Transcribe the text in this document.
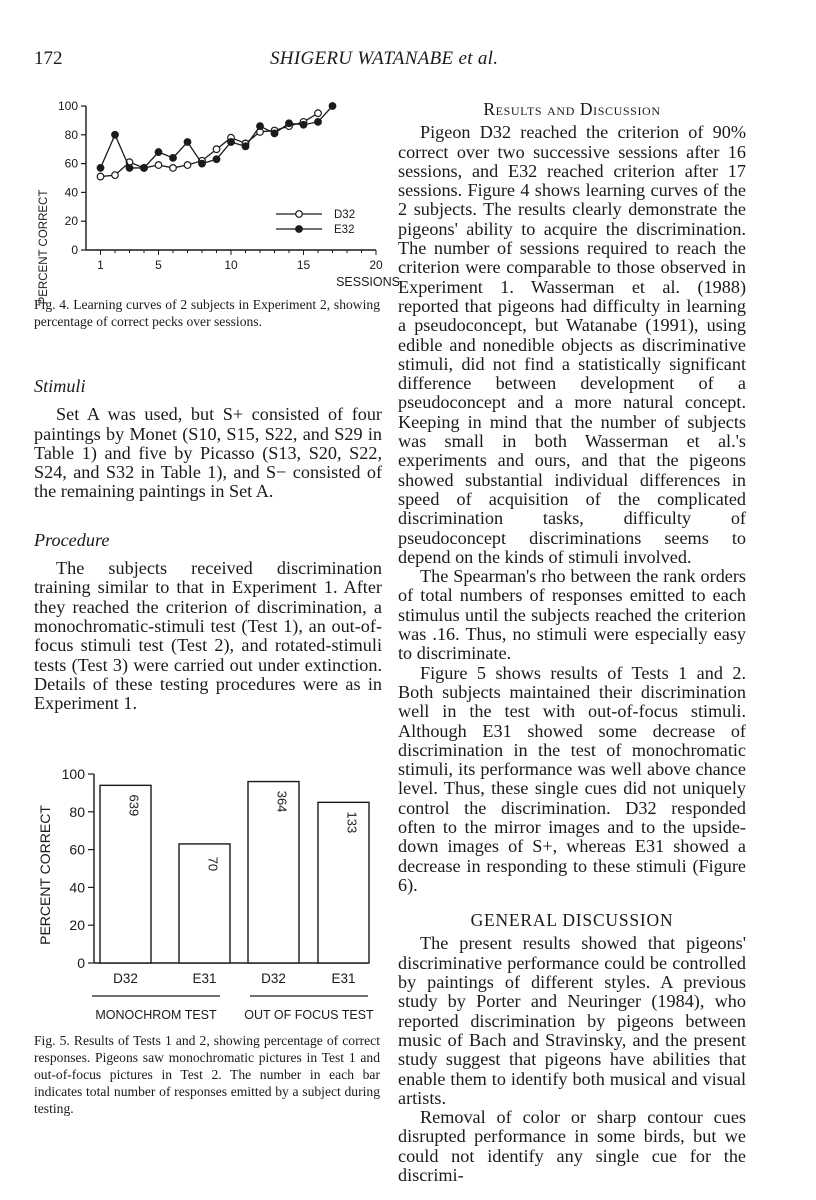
172	SHIGERU WATANABE et al.
PERCENT CORRECT	SESSIONS
0
20
40
60
80
100
1	5	10	15	20
D32
E32
Fig. 4. Learning curves of 2 subjects in Experiment 2, showing percentage of correct pecks over sessions.
PERCENT CORRECT
0
20
40
60
80
100
639
D32
70
E31
364
D32
133
E31
MONOCHROM TEST OUT OF FOCUS TEST
Fig. 5. Results of Tests 1 and 2, showing percentage of correct responses. Pigeons saw monochromatic pictures in Test 1 and out-of-focus pictures in Test 2. The number in each bar indicates total number of responses emitted by a subject during testing.

Stimuli

Set A was used, but S+ consisted of four paintings by Monet (S10, S15, S22, and S29 in Table 1) and five by Picasso (S13, S20, S22, S24, and S32 in Table 1), and S− consisted of the remaining paintings in Set A.

Procedure

The subjects received discrimination training similar to that in Experiment 1. After they reached the criterion of discrimination, a monochromatic-stimuli test (Test 1), an out-of-focus stimuli test (Test 2), and rotated-stimuli tests (Test 3) were carried out under extinction. Details of these testing procedures were as in Experiment 1.

Results and Discussion

Pigeon D32 reached the criterion of 90% correct over two successive sessions after 16 sessions, and E32 reached criterion after 17 sessions. Figure 4 shows learning curves of the 2 subjects. The results clearly demonstrate the pigeons' ability to acquire the discrimination. The number of sessions required to reach the criterion were comparable to those observed in Experiment 1. Wasserman et al. (1988) reported that pigeons had difficulty in learning a pseudoconcept, but Watanabe (1991), using edible and nonedible objects as discriminative stimuli, did not find a statistically significant difference between development of a pseudoconcept and a more natural concept. Keeping in mind that the number of subjects was small in both Wasserman et al.'s experiments and ours, and that the pigeons showed substantial individual differences in speed of acquisition of the complicated discrimination tasks, difficulty of pseudoconcept discriminations seems to depend on the kinds of stimuli involved.

The Spearman's rho between the rank orders of total numbers of responses emitted to each stimulus until the subjects reached the criterion was .16. Thus, no stimuli were especially easy to discriminate.

Figure 5 shows results of Tests 1 and 2. Both subjects maintained their discrimination well in the test with out-of-focus stimuli. Although E31 showed some decrease of discrimination in the test of monochromatic stimuli, its performance was well above chance level. Thus, these single cues did not uniquely control the discrimination. D32 responded often to the mirror images and to the upside-down images of S+, whereas E31 showed a decrease in responding to these stimuli (Figure 6).

GENERAL DISCUSSION

The present results showed that pigeons' discriminative performance could be controlled by paintings of different styles. A previous study by Porter and Neuringer (1984), who reported discrimination by pigeons between music of Bach and Stravinsky, and the present study suggest that pigeons have abilities that enable them to identify both musical and visual artists.

Removal of color or sharp contour cues disrupted performance in some birds, but we could not identify any single cue for the discrimi-
